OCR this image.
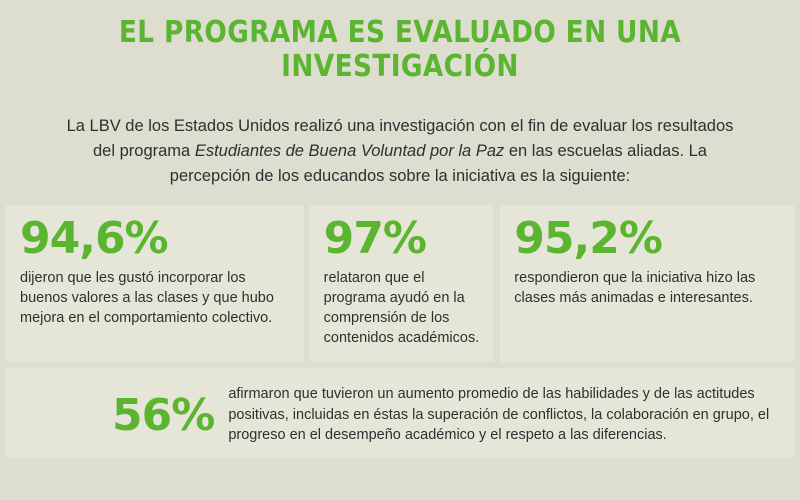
EL PROGRAMA ES EVALUADO EN UNA INVESTIGACIÓN

La LBV de los Estados Unidos realizó una investigación con el fin de evaluar los resultados del programa Estudiantes de Buena Voluntad por la Paz en las escuelas aliadas. La percepción de los educandos sobre la iniciativa es la siguiente:

94,6%
dijeron que les gustó incorporar los buenos valores a las clases y que hubo mejora en el comportamiento colectivo.
97%
relataron que el programa ayudó en la comprensión de los contenidos académicos.
95,2%
respondieron que la iniciativa hizo las clases más animadas e interesantes.
56% afirmaron que tuvieron un aumento promedio de las habilidades y de las actitudes positivas, incluidas en éstas la superación de conflictos, la colaboración en grupo, el progreso en el desempeño académico y el respeto a las diferencias.
